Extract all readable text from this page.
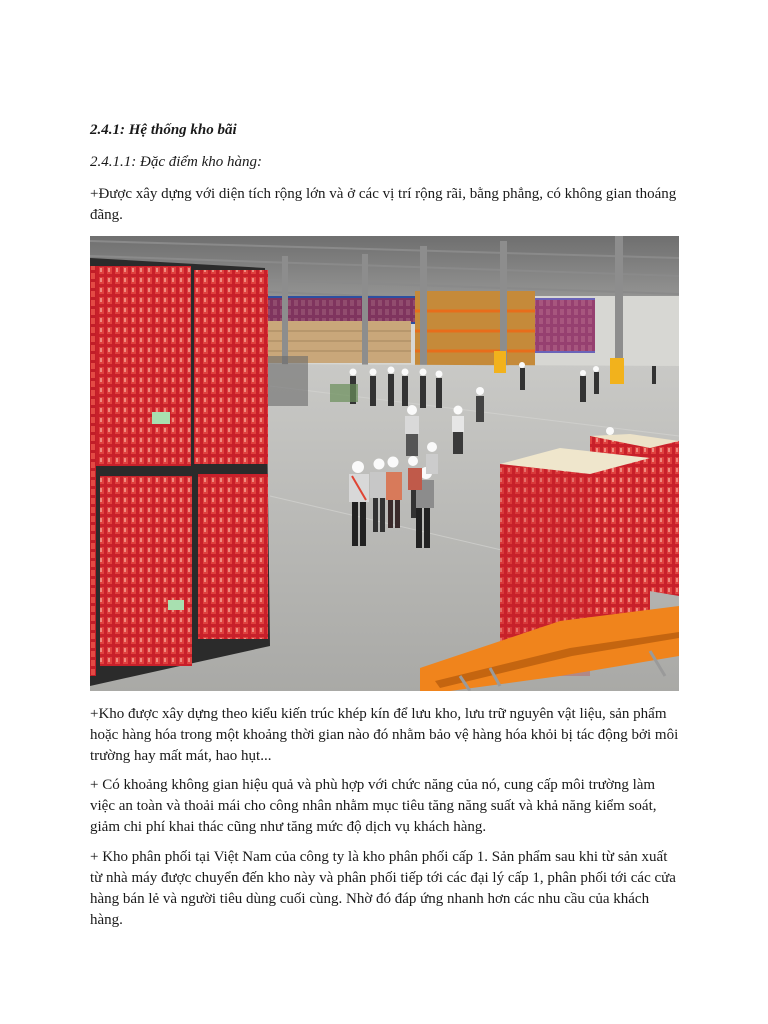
2.4.1: Hệ thống kho bãi

2.4.1.1: Đặc điểm kho hàng:

+Được xây dựng với diện tích rộng lớn và ở các vị trí rộng rãi, bằng phẳng, có không gian thoáng đãng.

+Kho được xây dựng theo kiểu kiến trúc khép kín để lưu kho, lưu trữ nguyên vật liệu, sản phẩm hoặc hàng hóa trong một khoảng thời gian nào đó nhằm bảo vệ hàng hóa khỏi bị tác động bởi môi trường hay mất mát, hao hụt...

+ Có khoảng không gian hiệu quả và phù hợp với chức năng của nó, cung cấp môi trường làm việc an toàn và thoải mái cho công nhân nhằm mục tiêu tăng năng suất và khả năng kiểm soát, giảm chi phí khai thác cũng như tăng mức độ dịch vụ khách hàng.

+ Kho phân phối tại Việt Nam của công ty là kho phân phối cấp 1. Sản phẩm sau khi từ sản xuất từ nhà máy được chuyển đến kho này và phân phối tiếp tới các đại lý cấp 1, phân phối tới các cửa hàng bán lẻ và người tiêu dùng cuối cùng. Nhờ đó đáp ứng nhanh hơn các nhu cầu của khách hàng.
